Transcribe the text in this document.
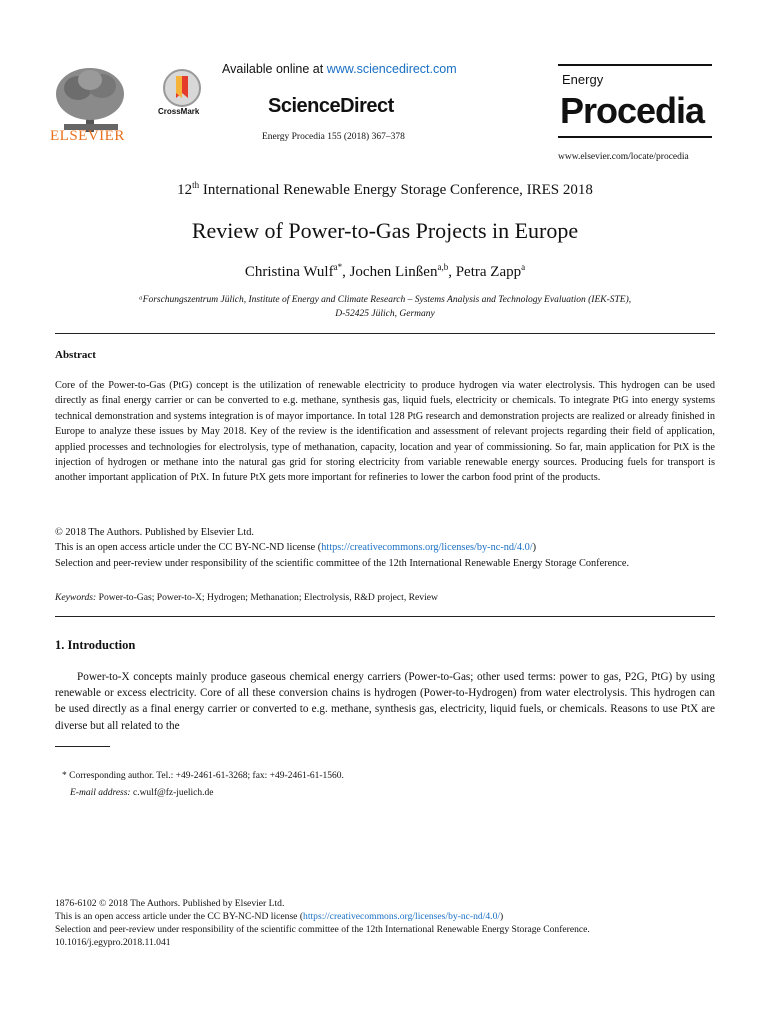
ELSEVIER
CrossMark
Available online at www.sciencedirect.com
ScienceDirect
Energy Procedia 155 (2018) 367–378
Energy
Procedia
www.elsevier.com/locate/procedia
12th International Renewable Energy Storage Conference, IRES 2018
Review of Power-to-Gas Projects in Europe
Christina Wulf$^{a*}$, Jochen Linßen$^{a,b}$, Petra Zapp$^a$
ᵃForschungszentrum Jülich, Institute of Energy and Climate Research – Systems Analysis and Technology Evaluation (IEK-STE),
D-52425 Jülich, Germany
Abstract
Core of the Power-to-Gas (PtG) concept is the utilization of renewable electricity to produce hydrogen via water electrolysis. This hydrogen can be used directly as final energy carrier or can be converted to e.g. methane, synthesis gas, liquid fuels, electricity or chemicals. To integrate PtG into energy systems technical demonstration and systems integration is of mayor importance. In total 128 PtG research and demonstration projects are realized or already finished in Europe to analyze these issues by May 2018. Key of the review is the identification and assessment of relevant projects regarding their field of application, applied processes and technologies for electrolysis, type of methanation, capacity, location and year of commissioning. So far, main application for PtX is the injection of hydrogen or methane into the natural gas grid for storing electricity from variable renewable energy sources. Producing fuels for transport is another important application of PtX. In future PtX gets more important for refineries to lower the carbon food print of the products.
© 2018 The Authors. Published by Elsevier Ltd.
This is an open access article under the CC BY-NC-ND license (https://creativecommons.org/licenses/by-nc-nd/4.0/)
Selection and peer-review under responsibility of the scientific committee of the 12th International Renewable Energy Storage Conference.
Keywords: Power-to-Gas; Power-to-X; Hydrogen; Methanation; Electrolysis, R&D project, Review
1. Introduction
Power-to-X concepts mainly produce gaseous chemical energy carriers (Power-to-Gas; other used terms: power to gas, P2G, PtG) by using renewable or excess electricity. Core of all these conversion chains is hydrogen (Power-to-Hydrogen) from water electrolysis. This hydrogen can be used directly as a final energy carrier or converted to e.g. methane, synthesis gas, electricity, liquid fuels, or chemicals. Reasons to use PtX are diverse but all related to the
* Corresponding author. Tel.: +49-2461-61-3268; fax: +49-2461-61-1560.
E-mail address: c.wulf@fz-juelich.de
1876-6102 © 2018 The Authors. Published by Elsevier Ltd.
This is an open access article under the CC BY-NC-ND license (https://creativecommons.org/licenses/by-nc-nd/4.0/)
Selection and peer-review under responsibility of the scientific committee of the 12th International Renewable Energy Storage Conference.
10.1016/j.egypro.2018.11.041
